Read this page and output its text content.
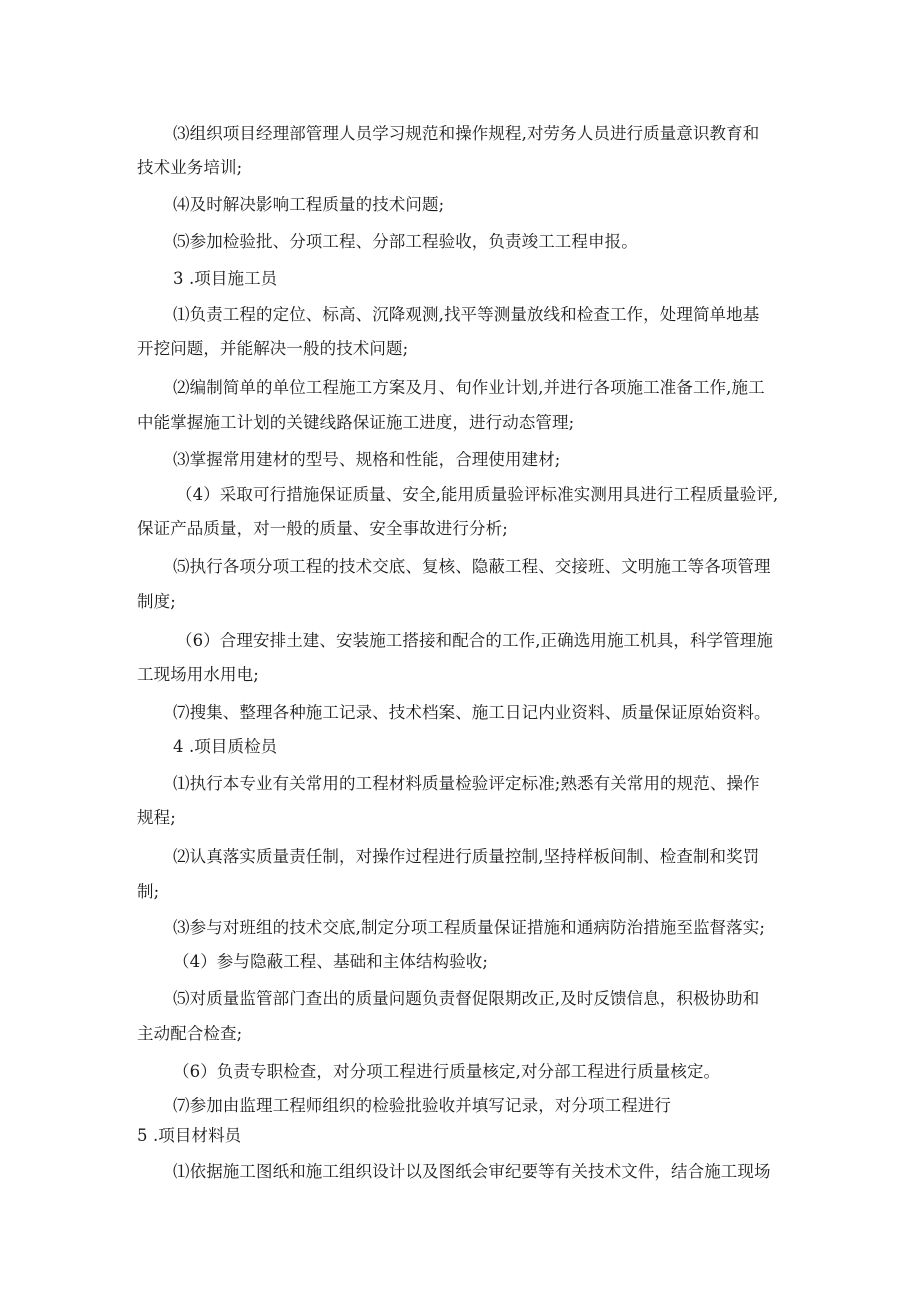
⑶组织项目经理部管理人员学习规范和操作规程,对劳务人员进行质量意识教育和
技术业务培训;
⑷及时解决影响工程质量的技术问题;
⑸参加检验批、分项工程、分部工程验收，负责竣工工程申报。
3 .项目施工员
⑴负责工程的定位、标高、沉降观测,找平等测量放线和检查工作，处理简单地基
开挖问题，并能解决一般的技术问题;
⑵编制简单的单位工程施工方案及月、旬作业计划,并进行各项施工准备工作,施工
中能掌握施工计划的关键线路保证施工进度，进行动态管理;
⑶掌握常用建材的型号、规格和性能，合理使用建材;
（4）采取可行措施保证质量、安全,能用质量验评标准实测用具进行工程质量验评,
保证产品质量，对一般的质量、安全事故进行分析;
⑸执行各项分项工程的技术交底、复核、隐蔽工程、交接班、文明施工等各项管理
制度;
（6）合理安排土建、安装施工搭接和配合的工作,正确选用施工机具，科学管理施
工现场用水用电;
⑺搜集、整理各种施工记录、技术档案、施工日记内业资料、质量保证原始资料。
4 .项目质检员
⑴执行本专业有关常用的工程材料质量检验评定标准;熟悉有关常用的规范、操作
规程;
⑵认真落实质量责任制，对操作过程进行质量控制,坚持样板间制、检查制和奖罚
制;
⑶参与对班组的技术交底,制定分项工程质量保证措施和通病防治措施至监督落实;
（4）参与隐蔽工程、基础和主体结构验收;
⑸对质量监管部门查出的质量问题负责督促限期改正,及时反馈信息，积极协助和
主动配合检查;
（6）负责专职检查，对分项工程进行质量核定,对分部工程进行质量核定。
⑺参加由监理工程师组织的检验批验收并填写记录，对分项工程进行
5 .项目材料员
⑴依据施工图纸和施工组织设计以及图纸会审纪要等有关技术文件，结合施工现场
